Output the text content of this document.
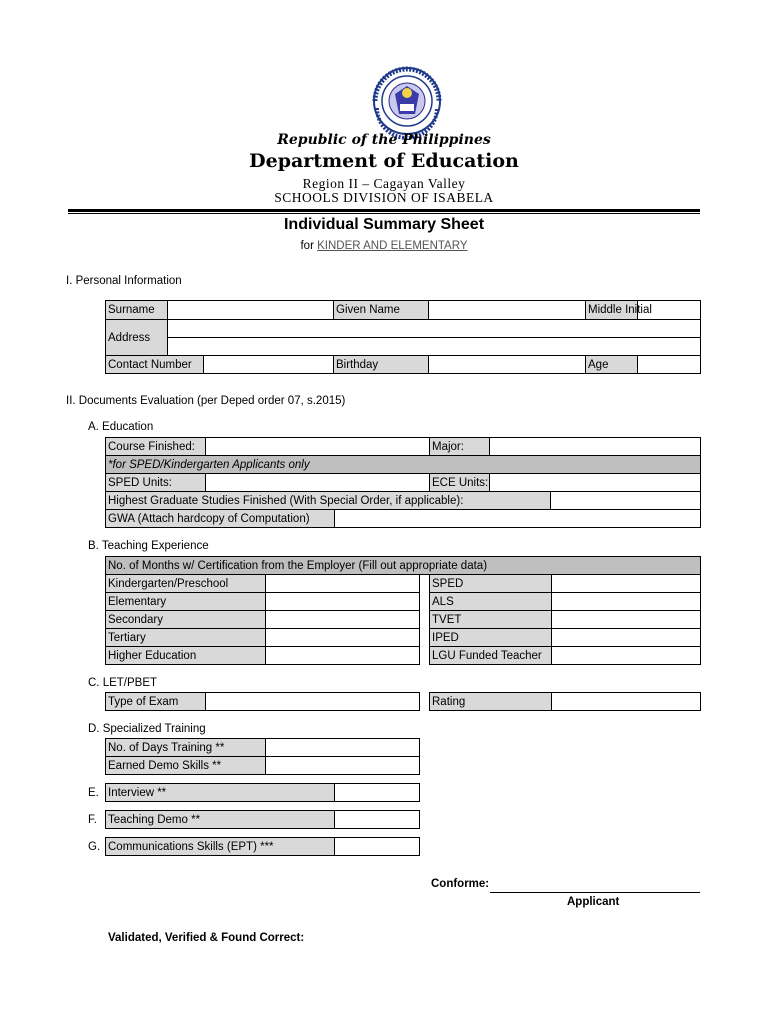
Republic of the Philippines
Department of Education
Region II – Cagayan Valley
SCHOOLS DIVISION OF ISABELA
Individual Summary Sheet
for KINDER AND ELEMENTARY
I. Personal Information
Surname			Given Name		Middle Initial	
Address						

Contact Number			Birthday		Age	
II. Documents Evaluation (per Deped order 07, s.2015)
A. Education
Course Finished:		Major:	
*for SPED/Kindergarten Applicants only			
SPED Units:		ECE Units:	
Highest Graduate Studies Finished (With Special Order, if applicable):		
GWA (Attach hardcopy of Computation)		
B. Teaching Experience
No. of Months w/ Certification from the Employer (Fill out appropriate data)				
Kindergarten/Preschool			SPED	
Elementary			ALS	
Secondary			TVET	
Tertiary			IPED	
Higher Education			LGU Funded Teacher	
C. LET/PBET
Type of Exam		Rating	
D. Specialized Training
No. of Days Training **	
Earned Demo Skills **	
E. Interview **	
F. Teaching Demo **	
G. Communications Skills (EPT) ***	
Conforme:
Applicant
Validated, Verified & Found Correct:
